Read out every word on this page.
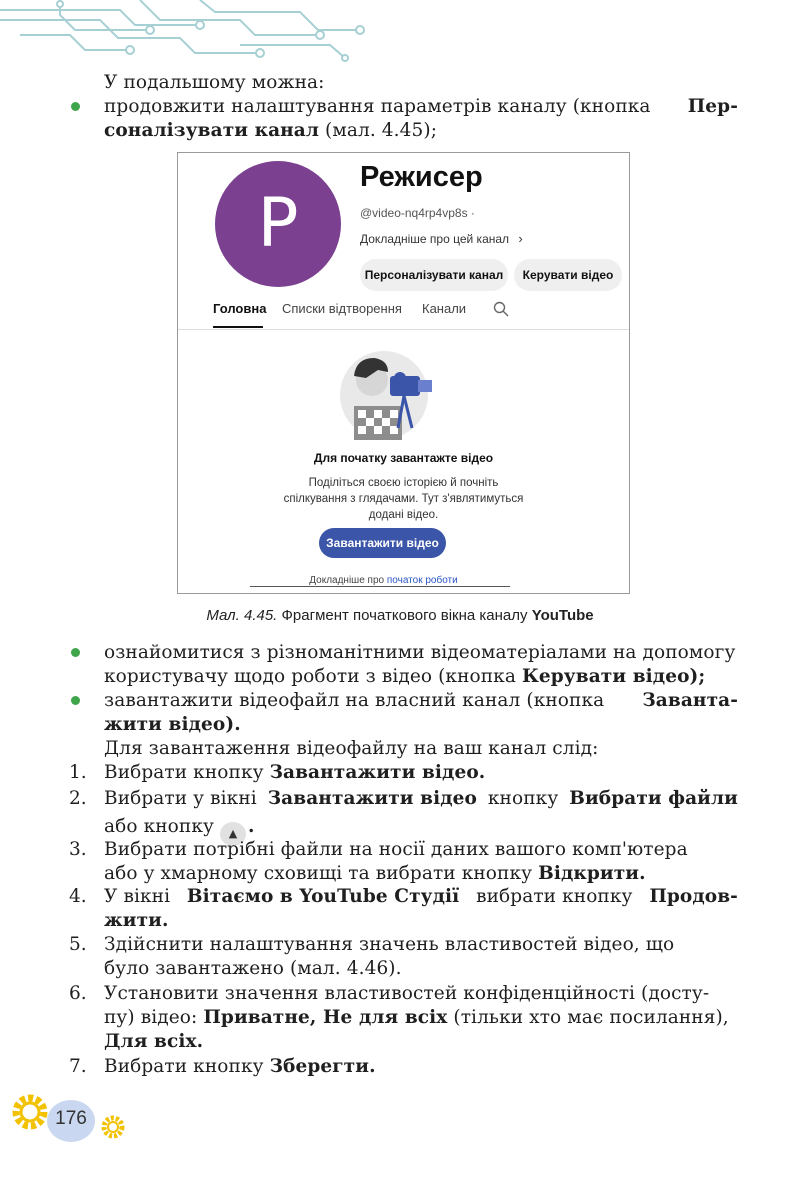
У подальшому можна:
продовжити налаштування параметрів каналу (кнопка Пер-
соналізувати канал (мал. 4.45);
P
Режисер
@video-nq4rp4vp8s ·
Докладніше про цей канал ›
Персоналізувати канал	Керувати відео
Головна Списки відтворення Канали
Для початку завантажте відео
Поділіться своєю історією й почніть
спілкування з глядачами. Тут з'являтимуться
додані відео.
Завантажити відео
Докладніше про початок роботи
Мал. 4.45. Фрагмент початкового вікна каналу YouTube
ознайомитися з різноманітними відеоматеріалами на допомогу
користувачу щодо роботи з відео (кнопка Керувати відео);
завантажити відеофайл на власний канал (кнопка Заванта-
жити відео).
Для завантаження відеофайлу на ваш канал слід:
1. Вибрати кнопку Завантажити відео.
2. Вибрати у вікні Завантажити відео кнопку Вибрати файли
або кнопку ▲ .
3. Вибрати потрібні файли на носії даних вашого комп'ютера
або у хмарному сховищі та вибрати кнопку Відкрити.
4. У вікні Вітаємо в YouTube Студії вибрати кнопку Продов-
жити.
5. Здійснити налаштування значень властивостей відео, що
було завантажено (мал. 4.46).
6. Установити значення властивостей конфіденційності (досту-
пу) відео: Приватне, Не для всіх (тільки хто має посилання),
Для всіх.
7. Вибрати кнопку Зберегти.
176
